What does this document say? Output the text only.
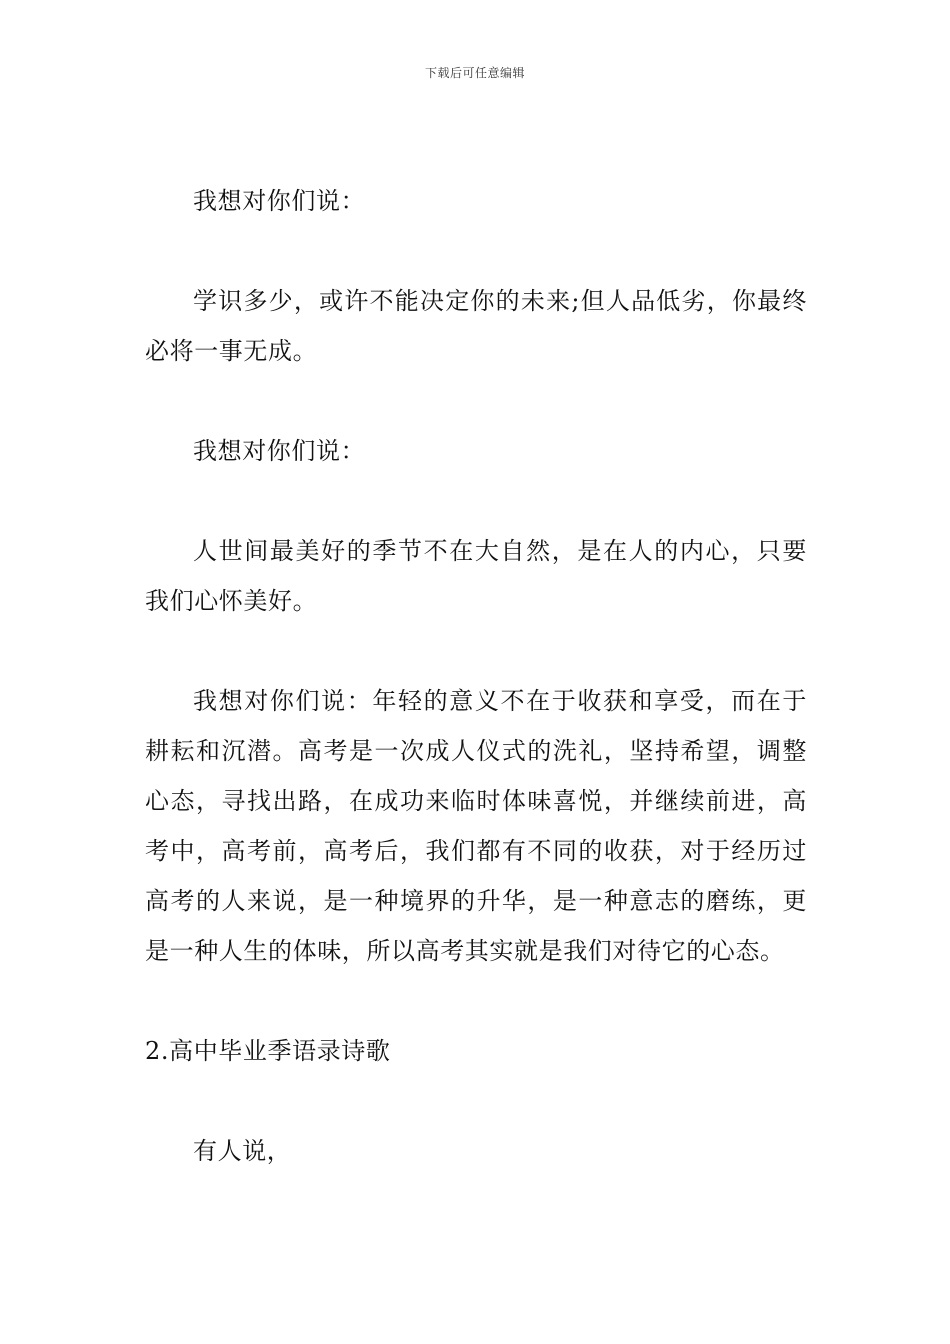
下载后可任意编辑

我想对你们说：

学识多少，或许不能决定你的未来;但人品低劣，你最终必将一事无成。

我想对你们说：

人世间最美好的季节不在大自然，是在人的内心，只要我们心怀美好。

我想对你们说：年轻的意义不在于收获和享受，而在于耕耘和沉潜。高考是一次成人仪式的洗礼，坚持希望，调整心态，寻找出路，在成功来临时体味喜悦，并继续前进，高考中，高考前，高考后，我们都有不同的收获，对于经历过高考的人来说，是一种境界的升华，是一种意志的磨练，更是一种人生的体味，所以高考其实就是我们对待它的心态。

2.高中毕业季语录诗歌

有人说，
